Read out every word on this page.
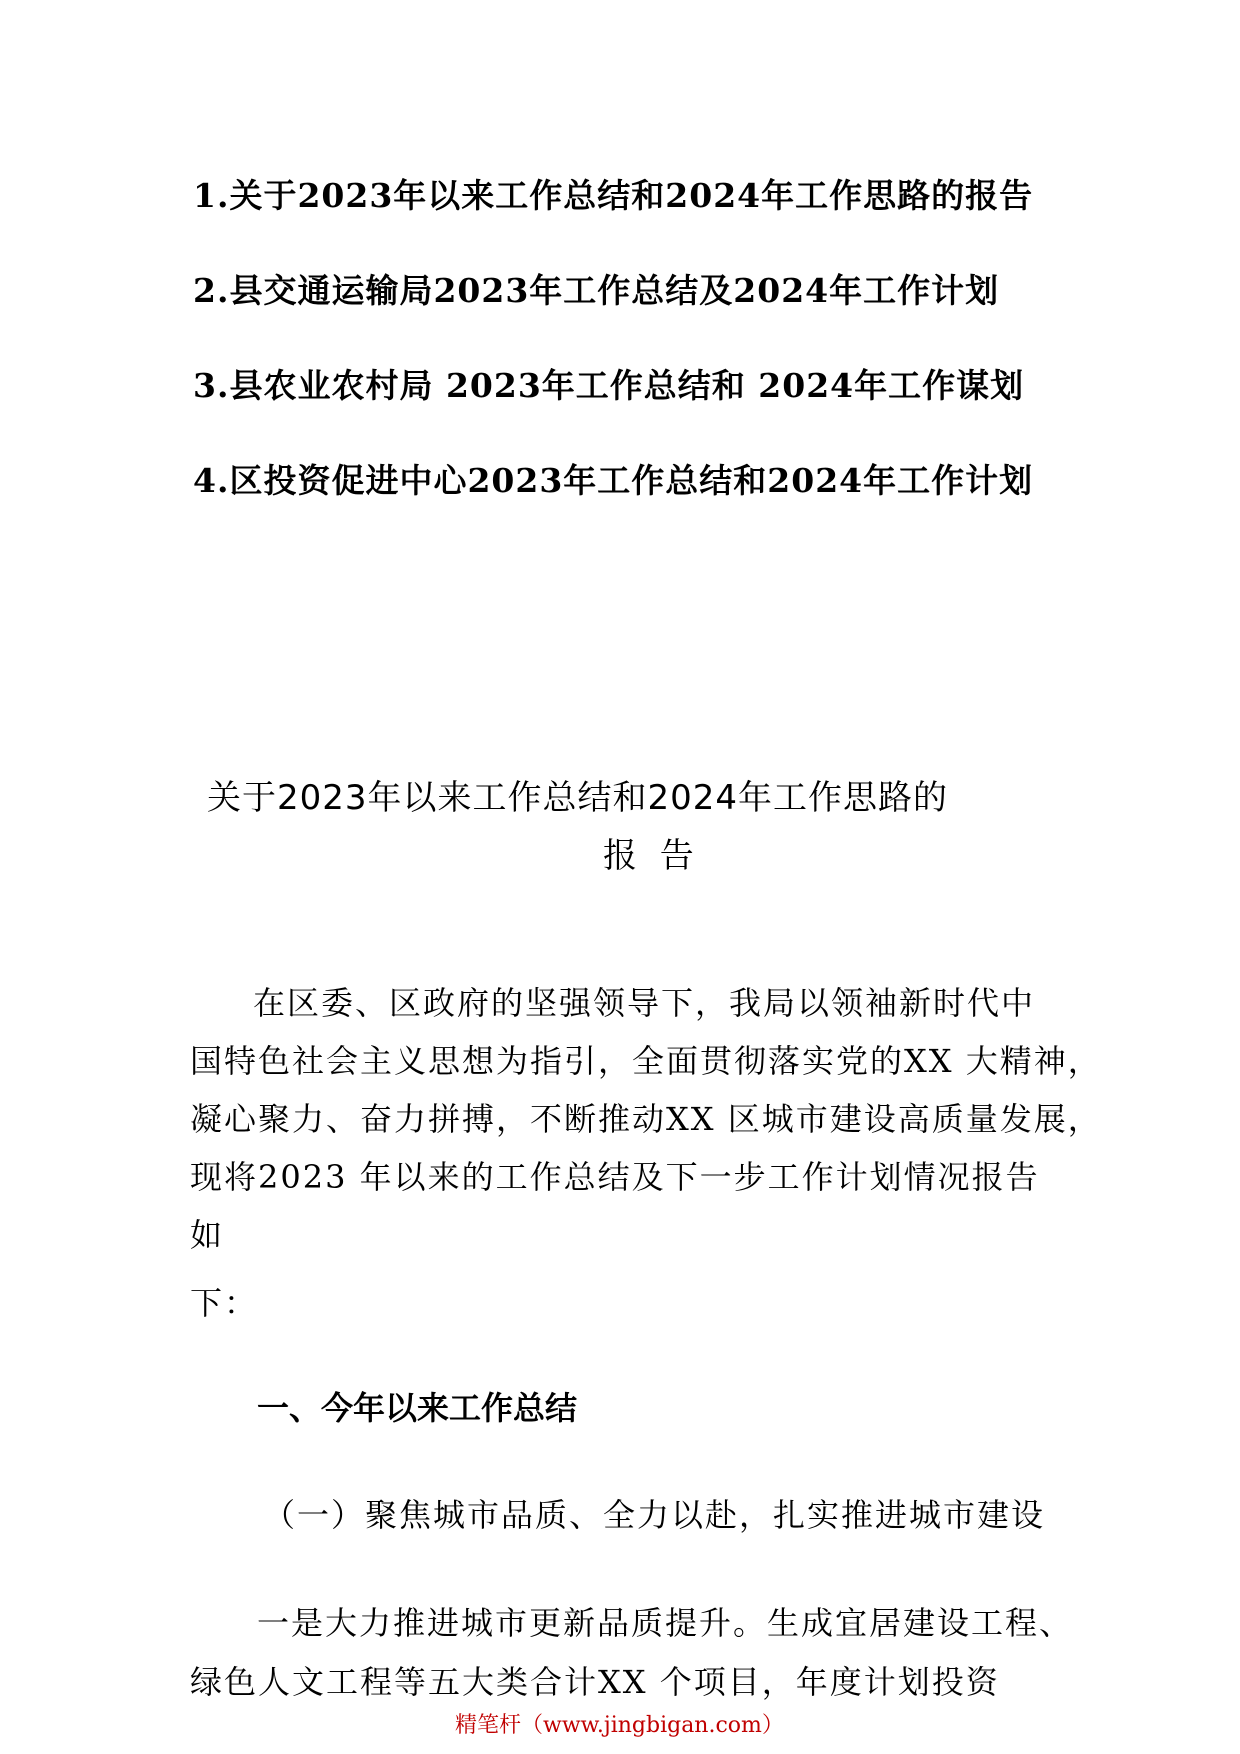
1.关于2023年以来工作总结和2024年工作思路的报告
2.县交通运输局2023年工作总结及2024年工作计划
3.县农业农村局 2023年工作总结和 2024年工作谋划
4.区投资促进中心2023年工作总结和2024年工作计划
关于2023年以来工作总结和2024年工作思路的
报 告
在区委、区政府的坚强领导下，我局以领袖新时代中
国特色社会主义思想为指引，全面贯彻落实党的XX 大精神，
凝心聚力、奋力拼搏，不断推动XX 区城市建设高质量发展，
现将2023 年以来的工作总结及下一步工作计划情况报告
如
下：
一、今年以来工作总结
（一）聚焦城市品质、全力以赴，扎实推进城市建设
一是大力推进城市更新品质提升。生成宜居建设工程、
绿色人文工程等五大类合计XX 个项目，年度计划投资
精笔杆（www.jingbigan.com）
